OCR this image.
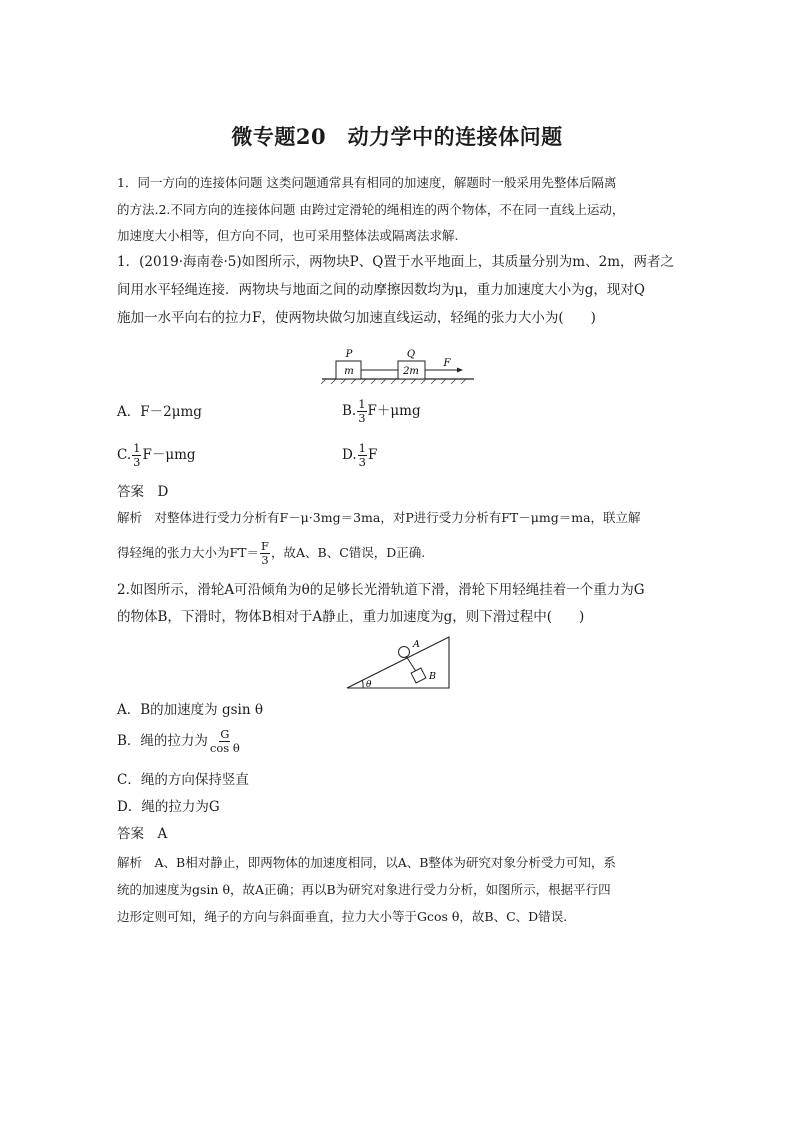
微专题20　动力学中的连接体问题
1．同一方向的连接体问题 这类问题通常具有相同的加速度，解题时一般采用先整体后隔离
的方法.2.不同方向的连接体问题 由跨过定滑轮的绳相连的两个物体，不在同一直线上运动，
加速度大小相等，但方向不同，也可采用整体法或隔离法求解.
1．(2019·海南卷·5)如图所示，两物块P、Q置于水平地面上，其质量分别为m、2m，两者之
间用水平轻绳连接．两物块与地面之间的动摩擦因数均为μ，重力加速度大小为g，现对Q
施加一水平向右的拉力F，使两物块做匀加速直线运动，轻绳的张力大小为(　　)
P	Q
m	2m
F
A．F－2μmg	B. $\frac{1}{3} F+\mu mg$
C. $\frac{1}{3} F-\mu mg$	D. $\frac{1}{3}$ F
答案　D
解析　对整体进行受力分析有F－μ·3mg＝3ma，对P进行受力分析有FT－μmg＝ma，联立解
得轻绳的张力大小为$FT= \frac{F}{3}$ ，故A、B、C错误，D正确.
2.如图所示，滑轮A可沿倾角为θ的足够长光滑轨道下滑，滑轮下用轻绳挂着一个重力为G
的物体B，下滑时，物体B相对于A静止，重力加速度为g，则下滑过程中(　　)
A
B
θ
A．B的加速度为 gsin θ
B．绳的拉力为 $\frac{G}{\text{cos θ}}$
C．绳的方向保持竖直
D．绳的拉力为G
答案　A
解析　A、B相对静止，即两物体的加速度相同，以A、B整体为研究对象分析受力可知，系
统的加速度为gsin θ，故A正确；再以B为研究对象进行受力分析，如图所示，根据平行四
边形定则可知，绳子的方向与斜面垂直，拉力大小等于Gcos θ，故B、C、D错误.
